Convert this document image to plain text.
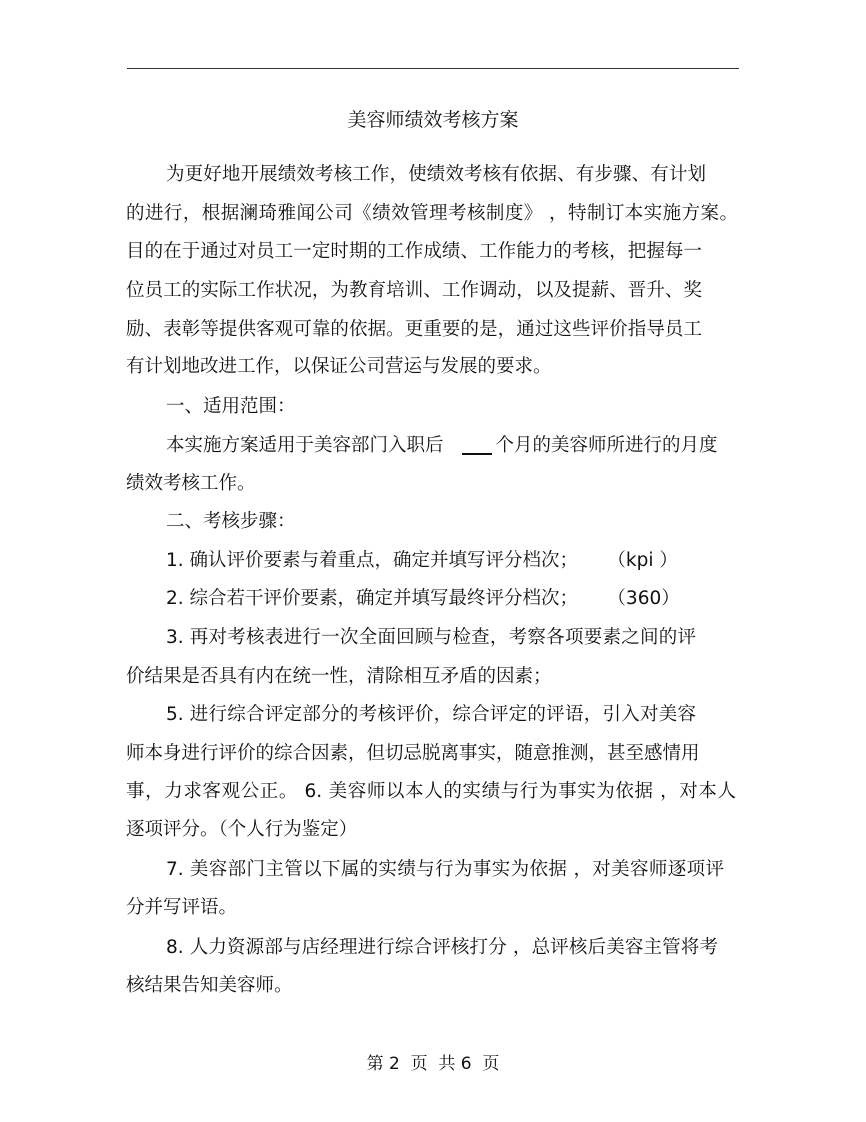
美容师绩效考核方案
为更好地开展绩效考核工作，使绩效考核有依据、有步骤、有计划
的进行，根据澜琦雅闻公司《绩效管理考核制度》 ，特制订本实施方案。
目的在于通过对员工一定时期的工作成绩、工作能力的考核，把握每一
位员工的实际工作状况，为教育培训、工作调动，以及提薪、晋升、奖
励、表彰等提供客观可靠的依据。更重要的是，通过这些评价指导员工
有计划地改进工作，以保证公司营运与发展的要求。
一、适用范围：
本实施方案适用于美容部门入职后	个月的美容师所进行的月度
绩效考核工作。
二、考核步骤：
1. 确认评价要素与着重点，确定并填写评分档次；     （kpi ）
2. 综合若干评价要素，确定并填写最终评分档次；     （360）
3. 再对考核表进行一次全面回顾与检查，考察各项要素之间的评
价结果是否具有内在统一性，清除相互矛盾的因素；
5. 进行综合评定部分的考核评价，综合评定的评语，引入对美容
师本身进行评价的综合因素，但切忌脱离事实，随意推测，甚至感情用
事，力求客观公正。 6. 美容师以本人的实绩与行为事实为依据 ，对本人
逐项评分。（个人行为鉴定）
7. 美容部门主管以下属的实绩与行为事实为依据 ，对美容师逐项评
分并写评语。
8. 人力资源部与店经理进行综合评核打分 ，总评核后美容主管将考
核结果告知美容师。
第 2  页  共 6  页
